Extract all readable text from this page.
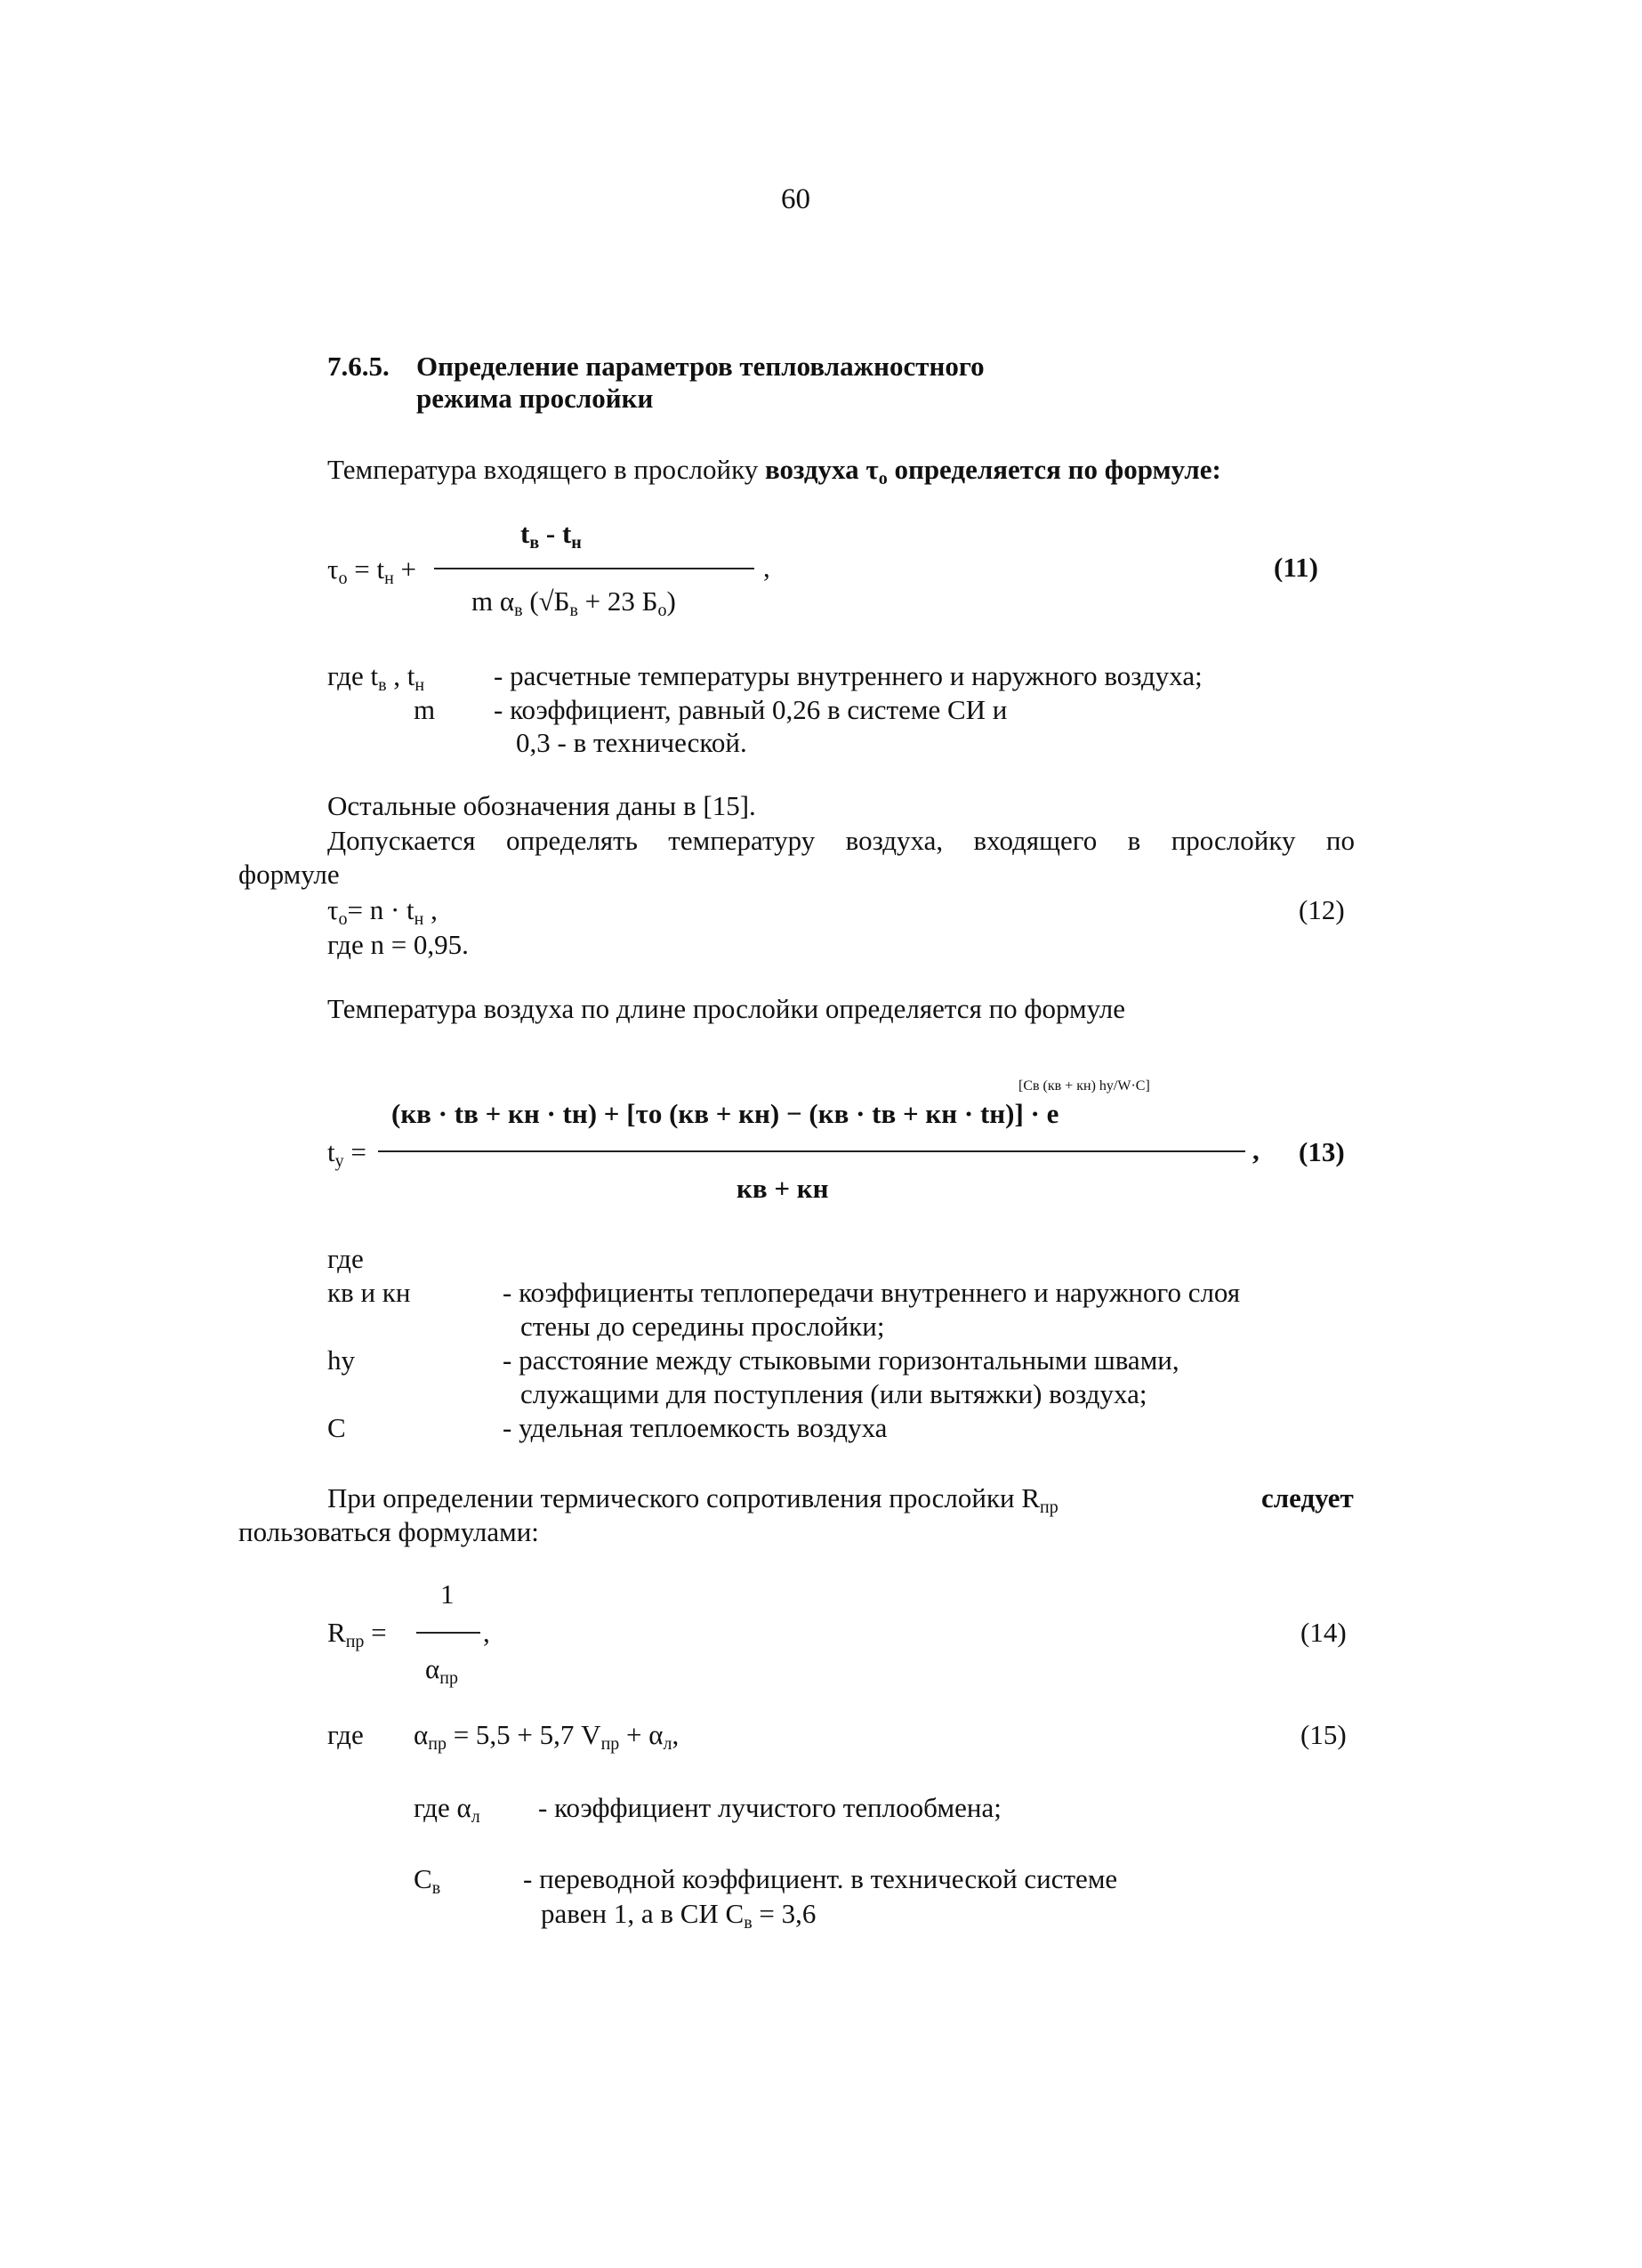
60
7.6.5. Определение параметров тепловлажностного
режима прослойки
Температура входящего в прослойку воздуха $\tau_о$ определяется по формуле:
$\tau_о = t_н$ +
$t_в - t_н$
,
m $\alpha_в$ ($√Б_в + 23$ $Б_о$)
(11)
где $t_в$ , $t_н$	- расчетные температуры внутреннего и наружного воздуха;
m - коэффициент, равный 0,26 в системе СИ и
0,3 - в технической.
Остальные обозначения даны в [15].
Допускается определять температуру воздуха, входящего в прослойку по
формуле
$\tau_о= n \cdot t_н$ ,	(12)
где n = 0,95.
Температура воздуха по длине прослойки определяется по формуле
[Св (кв + кн) hу/W·C]
(кв · tв + кн · tн) + [τо (кв + кн) − (кв · tв + кн · tн)] · e
$t_у$ =	,
кв + кн
(13)
где
кв и кн	- коэффициенты теплопередачи внутреннего и наружного слоя
стены до середины прослойки;
hу	- расстояние между стыковыми горизонтальными швами,
служащими для поступления (или вытяжки) воздуха;
C	- удельная теплоемкость воздуха
При определении термического сопротивления прослойки $R_{пр}$	следует
пользоваться формулами:
1
$R_{пр}$ =	,
$\alpha_{пр}$
(14)
где $\alpha_{пр} = 5,5 + 5,7$ $V_{пр} + \alpha_л$,	(15)
где $\alpha_л$ - коэффициент лучистого теплообмена;
$C_в$	- переводной коэффициент. в технической системе
равен 1, а в СИ $C_в = 3,6$
